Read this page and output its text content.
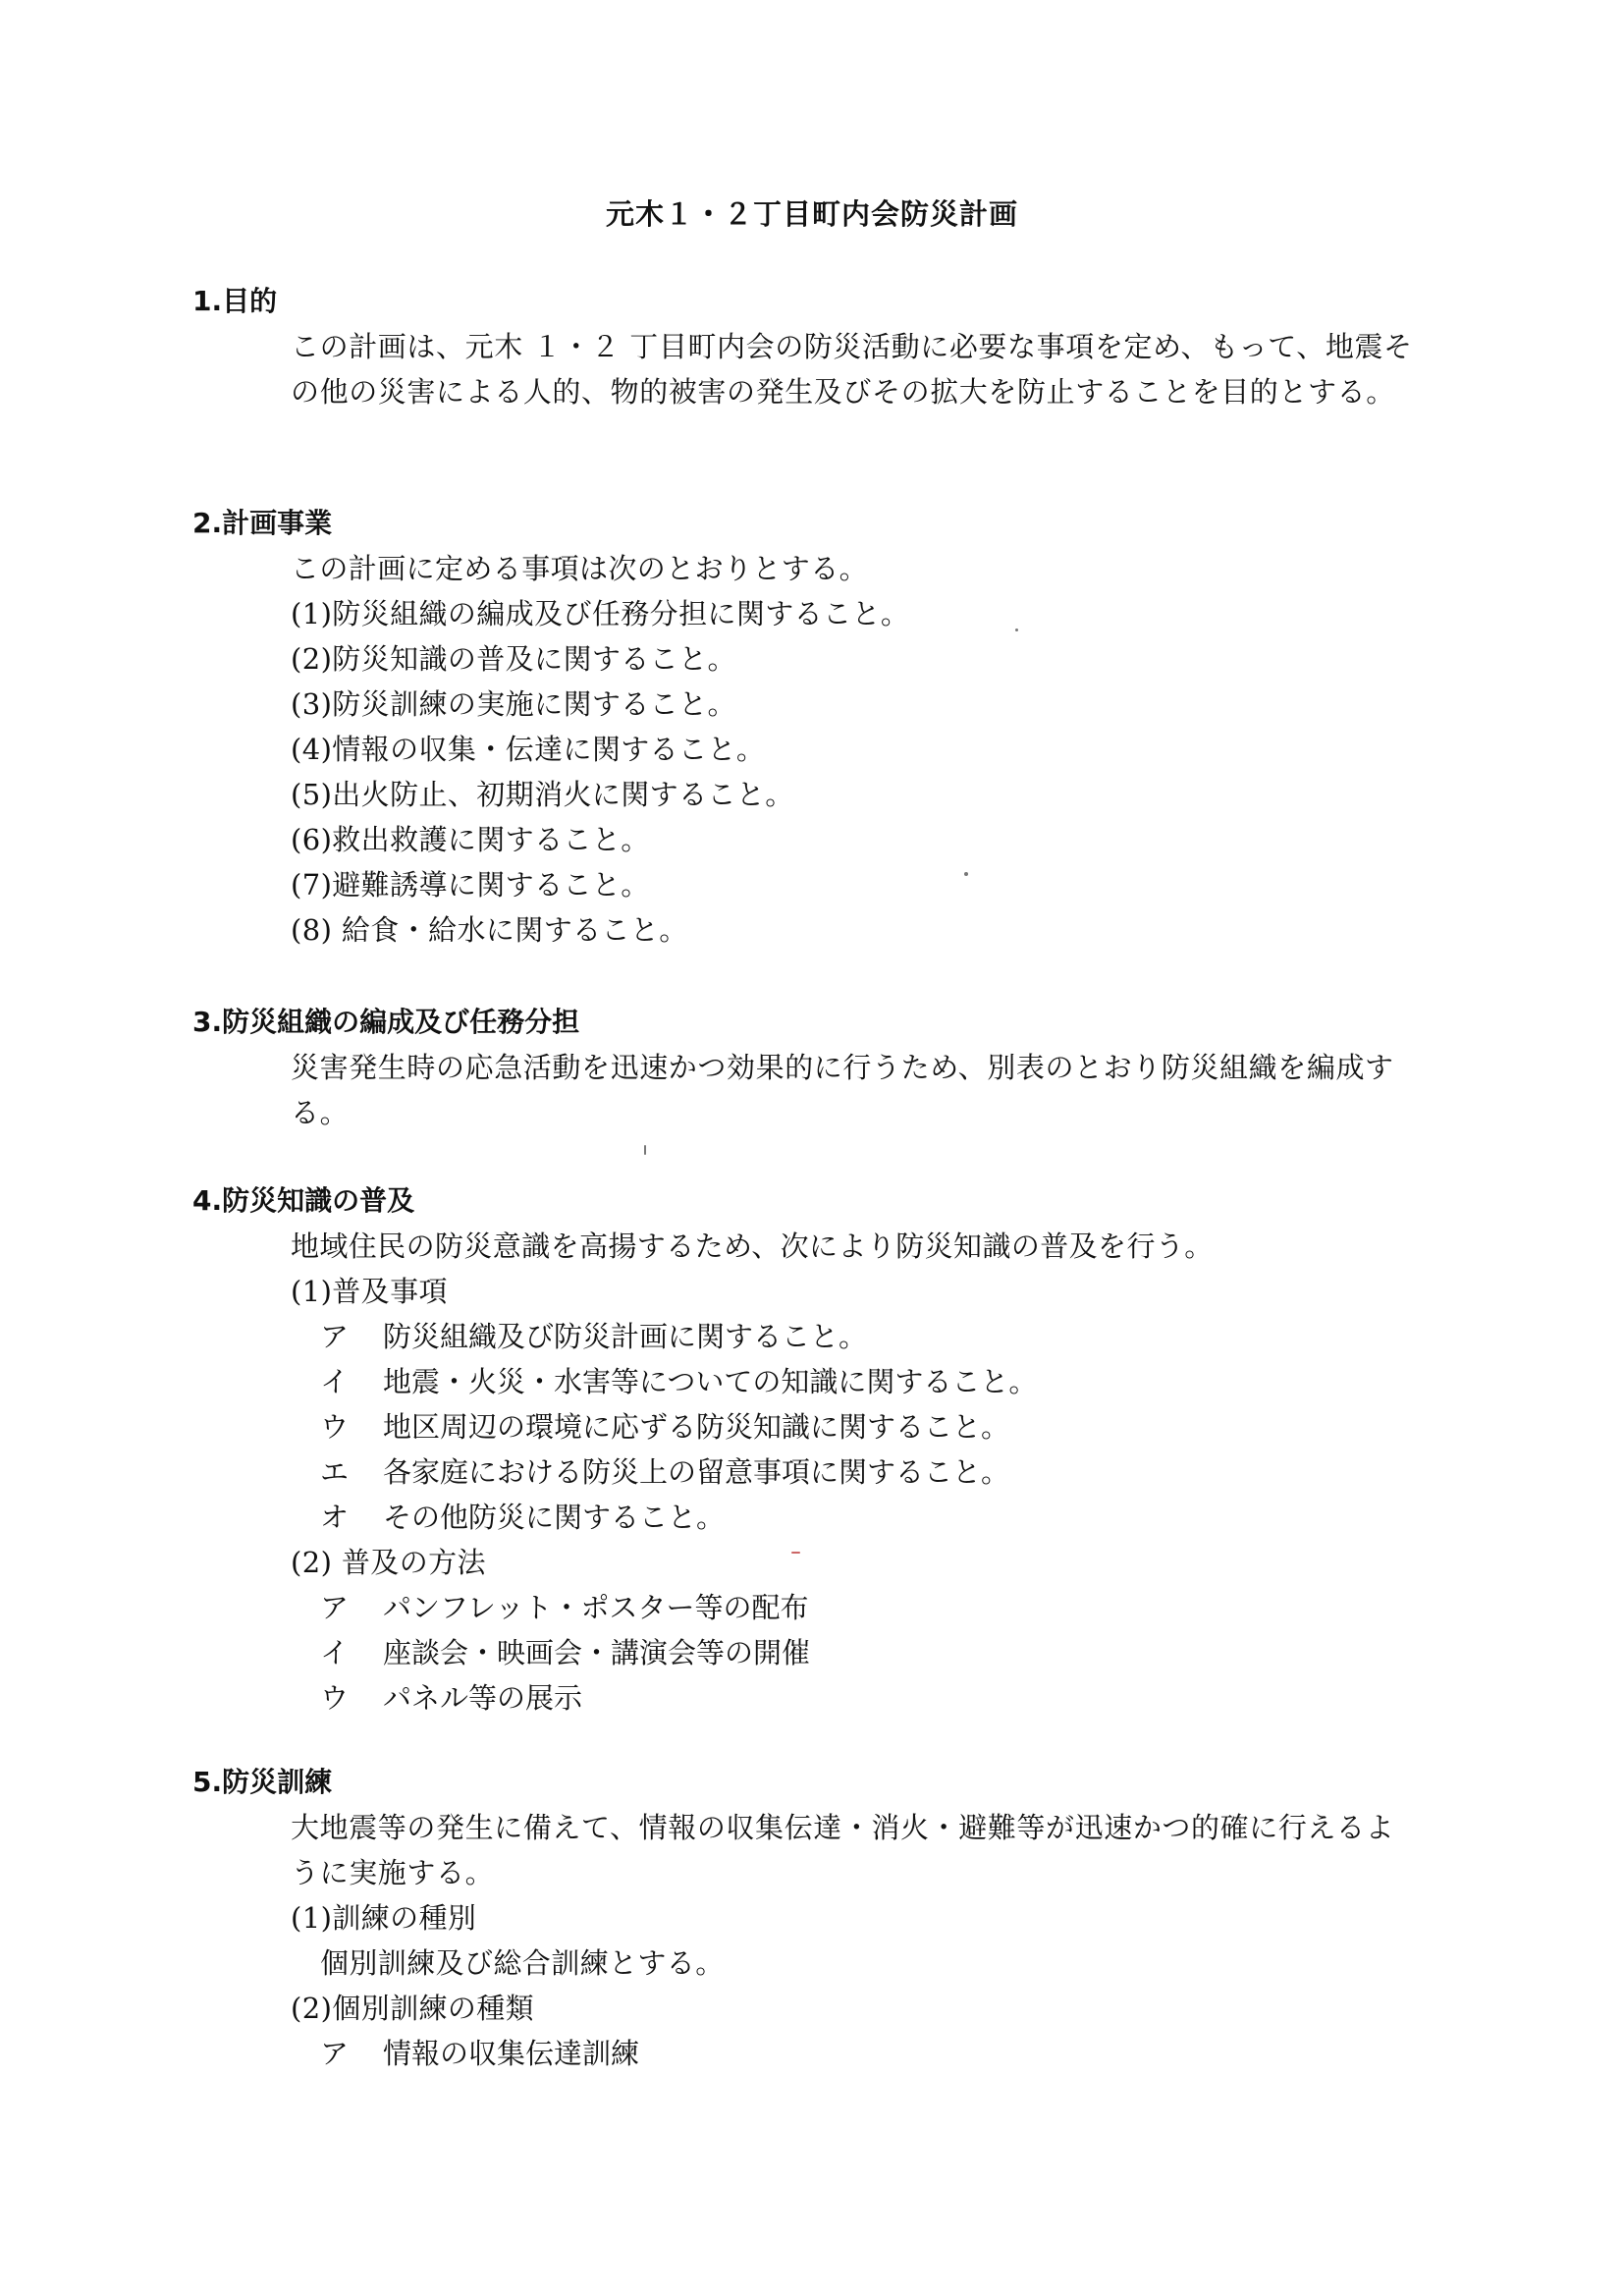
元木１・２丁目町内会防災計画
1.目的

この計画は、元木 １・２ 丁目町内会の防災活動に必要な事項を定め、もって、地震その他の災害による人的、物的被害の発生及びその拡大を防止することを目的とする。

2.計画事業
この計画に定める事項は次のとおりとする。
(1)防災組織の編成及び任務分担に関すること。
(2)防災知識の普及に関すること。
(3)防災訓練の実施に関すること。
(4)情報の収集・伝達に関すること。
(5)出火防止、初期消火に関すること。
(6)救出救護に関すること。
(7)避難誘導に関すること。
(8) 給食・給水に関すること。
3.防災組織の編成及び任務分担

災害発生時の応急活動を迅速かつ効果的に行うため、別表のとおり防災組織を編成する。

4.防災知識の普及
地域住民の防災意識を高揚するため、次により防災知識の普及を行う。
(1)普及事項
ア	防災組織及び防災計画に関すること。
イ	地震・火災・水害等についての知識に関すること。
ウ	地区周辺の環境に応ずる防災知識に関すること。
エ	各家庭における防災上の留意事項に関すること。
オ	その他防災に関すること。
(2) 普及の方法
ア	パンフレット・ポスター等の配布
イ	座談会・映画会・講演会等の開催
ウ	パネル等の展示
5.防災訓練

大地震等の発生に備えて、情報の収集伝達・消火・避難等が迅速かつ的確に行えるように実施する。

(1)訓練の種別
個別訓練及び総合訓練とする。
(2)個別訓練の種類
ア	情報の収集伝達訓練
